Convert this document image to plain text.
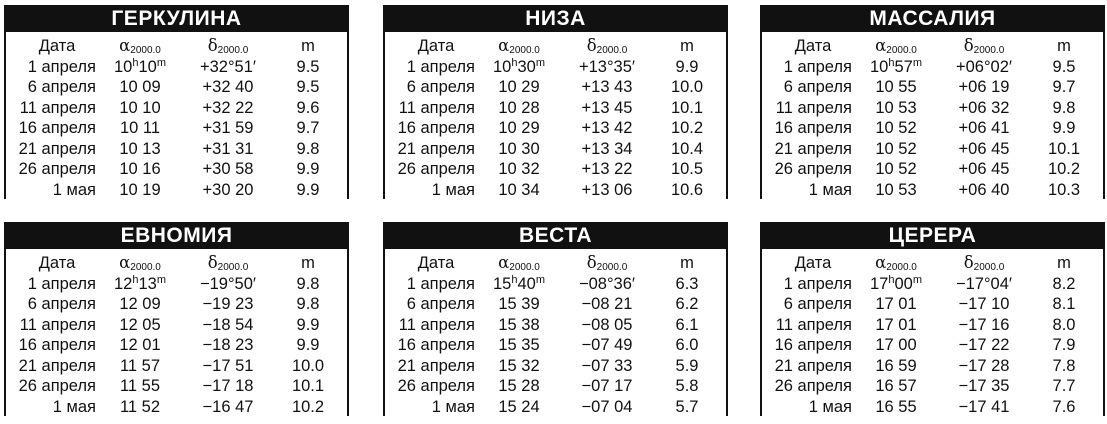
ГЕРКУЛИНА
Дата	α2000.0	δ2000.0	m
1 апреля	$10^h10^m$	+32°51′	9.5
6 апреля	10 09	+32 40	9.5
11 апреля	10 10	+32 22	9.6
16 апреля	10 11	+31 59	9.7
21 апреля	10 13	+31 31	9.8
26 апреля	10 16	+30 58	9.9
1 мая	10 19	+30 20	9.9
НИЗА
Дата	α2000.0	δ2000.0	m
1 апреля	$10^h30^m$	+13°35′	9.9
6 апреля	10 29	+13 43	10.0
11 апреля	10 28	+13 45	10.1
16 апреля	10 29	+13 42	10.2
21 апреля	10 30	+13 34	10.4
26 апреля	10 32	+13 22	10.5
1 мая	10 34	+13 06	10.6
МАССАЛИЯ
Дата	α2000.0	δ2000.0	m
1 апреля	$10^h57^m$	+06°02′	9.5
6 апреля	10 55	+06 19	9.7
11 апреля	10 53	+06 32	9.8
16 апреля	10 52	+06 41	9.9
21 апреля	10 52	+06 45	10.1
26 апреля	10 52	+06 45	10.2
1 мая	10 53	+06 40	10.3
ЕВНОМИЯ
Дата	α2000.0	δ2000.0	m
1 апреля	$12^h13^m$	−19°50′	9.8
6 апреля	12 09	−19 23	9.8
11 апреля	12 05	−18 54	9.9
16 апреля	12 01	−18 23	9.9
21 апреля	11 57	−17 51	10.0
26 апреля	11 55	−17 18	10.1
1 мая	11 52	−16 47	10.2
ВЕСТА
Дата	α2000.0	δ2000.0	m
1 апреля	$15^h40^m$	−08°36′	6.3
6 апреля	15 39	−08 21	6.2
11 апреля	15 38	−08 05	6.1
16 апреля	15 35	−07 49	6.0
21 апреля	15 32	−07 33	5.9
26 апреля	15 28	−07 17	5.8
1 мая	15 24	−07 04	5.7
ЦЕРЕРА
Дата	α2000.0	δ2000.0	m
1 апреля	$17^h00^m$	−17°04′	8.2
6 апреля	17 01	−17 10	8.1
11 апреля	17 01	−17 16	8.0
16 апреля	17 00	−17 22	7.9
21 апреля	16 59	−17 28	7.8
26 апреля	16 57	−17 35	7.7
1 мая	16 55	−17 41	7.6
